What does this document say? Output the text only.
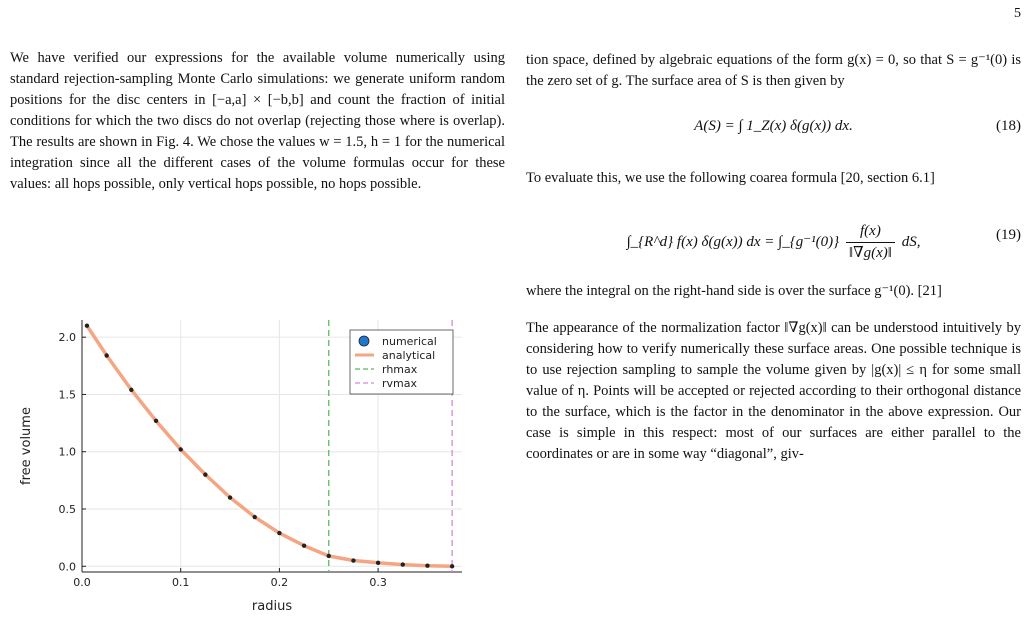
5

We have verified our expressions for the available volume numerically using standard rejection-sampling Monte Carlo simulations: we generate uniform random positions for the disc centers in [−a,a] × [−b,b] and count the fraction of initial conditions for which the two discs do not overlap (rejecting those where is overlap). The results are shown in Fig. 4. We chose the values w = 1.5, h = 1 for the numerical integration since all the different cases of the volume formulas occur for these values: all hops possible, only vertical hops possible, no hops possible.

tion space, defined by algebraic equations of the form g(x) = 0, so that S = g⁻¹(0) is the zero set of g. The surface area of S is then given by

A(S) = ∫ 1_Z(x) δ(g(x)) dx.	(18)

To evaluate this, we use the following coarea formula [20, section 6.1]

∫_{R^d} f(x) δ(g(x)) dx = ∫_{g⁻¹(0)} $\frac{f(x)}{‖\nabla g(x)‖}$ dS,	(19)

where the integral on the right-hand side is over the surface g⁻¹(0). [21]

The appearance of the normalization factor ‖∇g(x)‖ can be understood intuitively by considering how to verify numerically these surface areas. One possible technique is to use rejection sampling to sample the volume given by |g(x)| ≤ η for some small value of η. Points will be accepted or rejected according to their orthogonal distance to the surface, which is the factor in the denominator in the above expression. Our case is simple in this respect: most of our surfaces are either parallel to the coordinates or are in some way “diagonal”, giv-

0.0	0.1	0.2	0.3
0.0
0.5
1.0
1.5
2.0
radius
free volume
numerical
analytical
rhmax
rvmax
